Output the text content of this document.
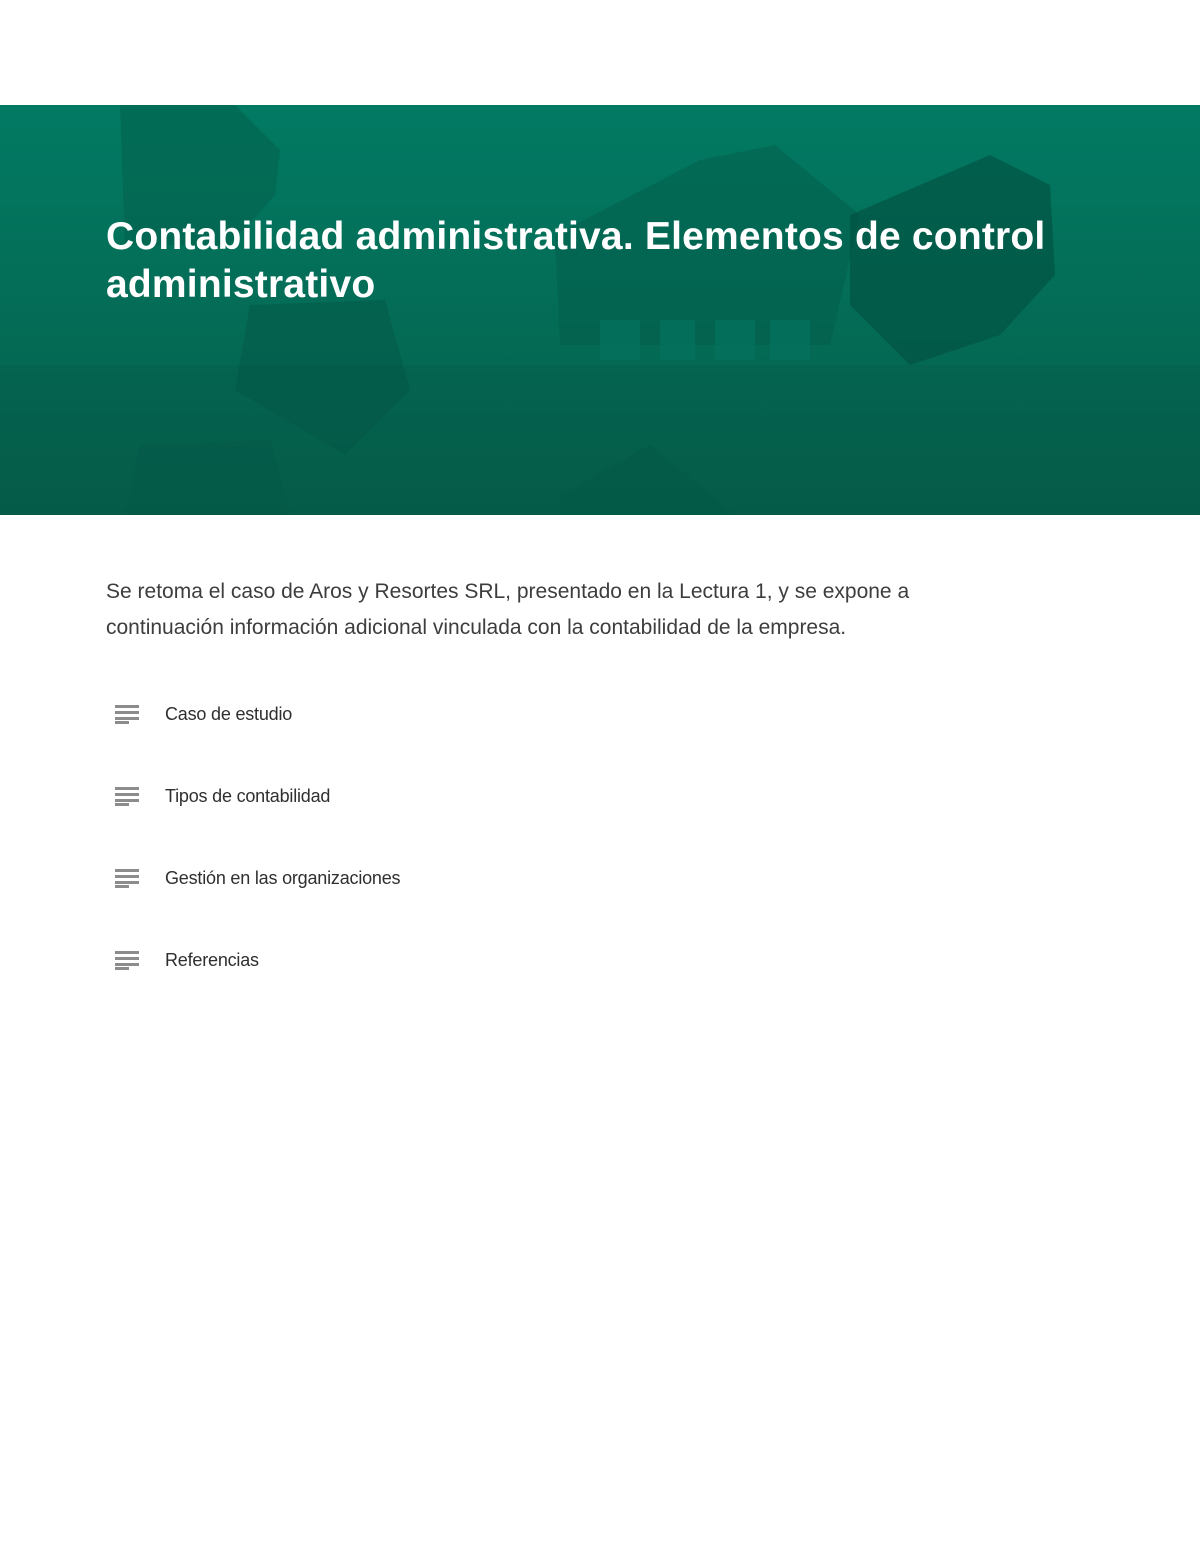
Contabilidad administrativa. Elementos de control administrativo

Se retoma el caso de Aros y Resortes SRL, presentado en la Lectura 1, y se expone a continuación información adicional vinculada con la contabilidad de la empresa.

Caso de estudio
Tipos de contabilidad
Gestión en las organizaciones
Referencias
